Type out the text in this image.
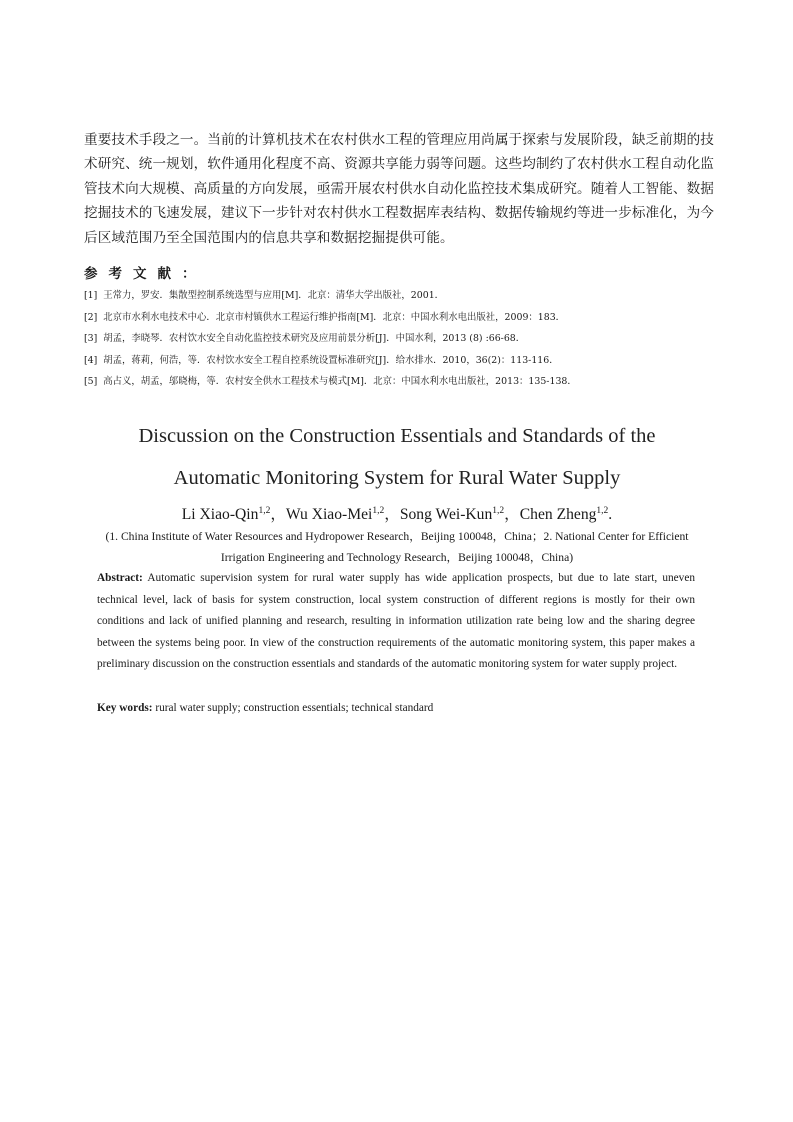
重要技术手段之一。当前的计算机技术在农村供水工程的管理应用尚属于探索与发展阶段，缺乏前期的技术研究、统一规划，软件通用化程度不高、资源共享能力弱等问题。这些均制约了农村供水工程自动化监管技术向大规模、高质量的方向发展，亟需开展农村供水自动化监控技术集成研究。随着人工智能、数据挖掘技术的飞速发展，建议下一步针对农村供水工程数据库表结构、数据传输规约等进一步标准化，为今后区域范围乃至全国范围内的信息共享和数据挖掘提供可能。

参考文献：
[1] 王常力，罗安．集散型控制系统选型与应用[M]．北京：清华大学出版社，2001．
[2] 北京市水利水电技术中心．北京市村镇供水工程运行维护指南[M]．北京：中国水利水电出版社，2009：183．
[3] 胡孟，李晓琴．农村饮水安全自动化监控技术研究及应用前景分析[J]．中国水利，2013 (8) :66-68．
[4] 胡孟，蒋莉，何浩，等．农村饮水安全工程自控系统设置标准研究[J]．给水排水．2010，36(2)：113-116．
[5] 高占义，胡孟，邬晓梅，等．农村安全供水工程技术与模式[M]．北京：中国水利水电出版社，2013：135-138．
Discussion on the Construction Essentials and Standards of the
Automatic Monitoring System for Rural Water Supply

Li Xiao-Qin$^{1,2}$，Wu Xiao-Mei$^{1,2}$，Song Wei-Kun$^{1,2}$，Chen Zheng$^{1,2}$.

(1. China Institute of Water Resources and Hydropower Research，Beijing 100048，China；2. National Center for Efficient

Irrigation Engineering and Technology Research，Beijing 100048，China)

Abstract: Automatic supervision system for rural water supply has wide application prospects, but due to late start, uneven technical level, lack of basis for system construction, local system construction of different regions is mostly for their own conditions and lack of unified planning and research, resulting in information utilization rate being low and the sharing degree between the systems being poor. In view of the construction requirements of the automatic monitoring system, this paper makes a preliminary discussion on the construction essentials and standards of the automatic monitoring system for water supply project.

Key words: rural water supply; construction essentials; technical standard
